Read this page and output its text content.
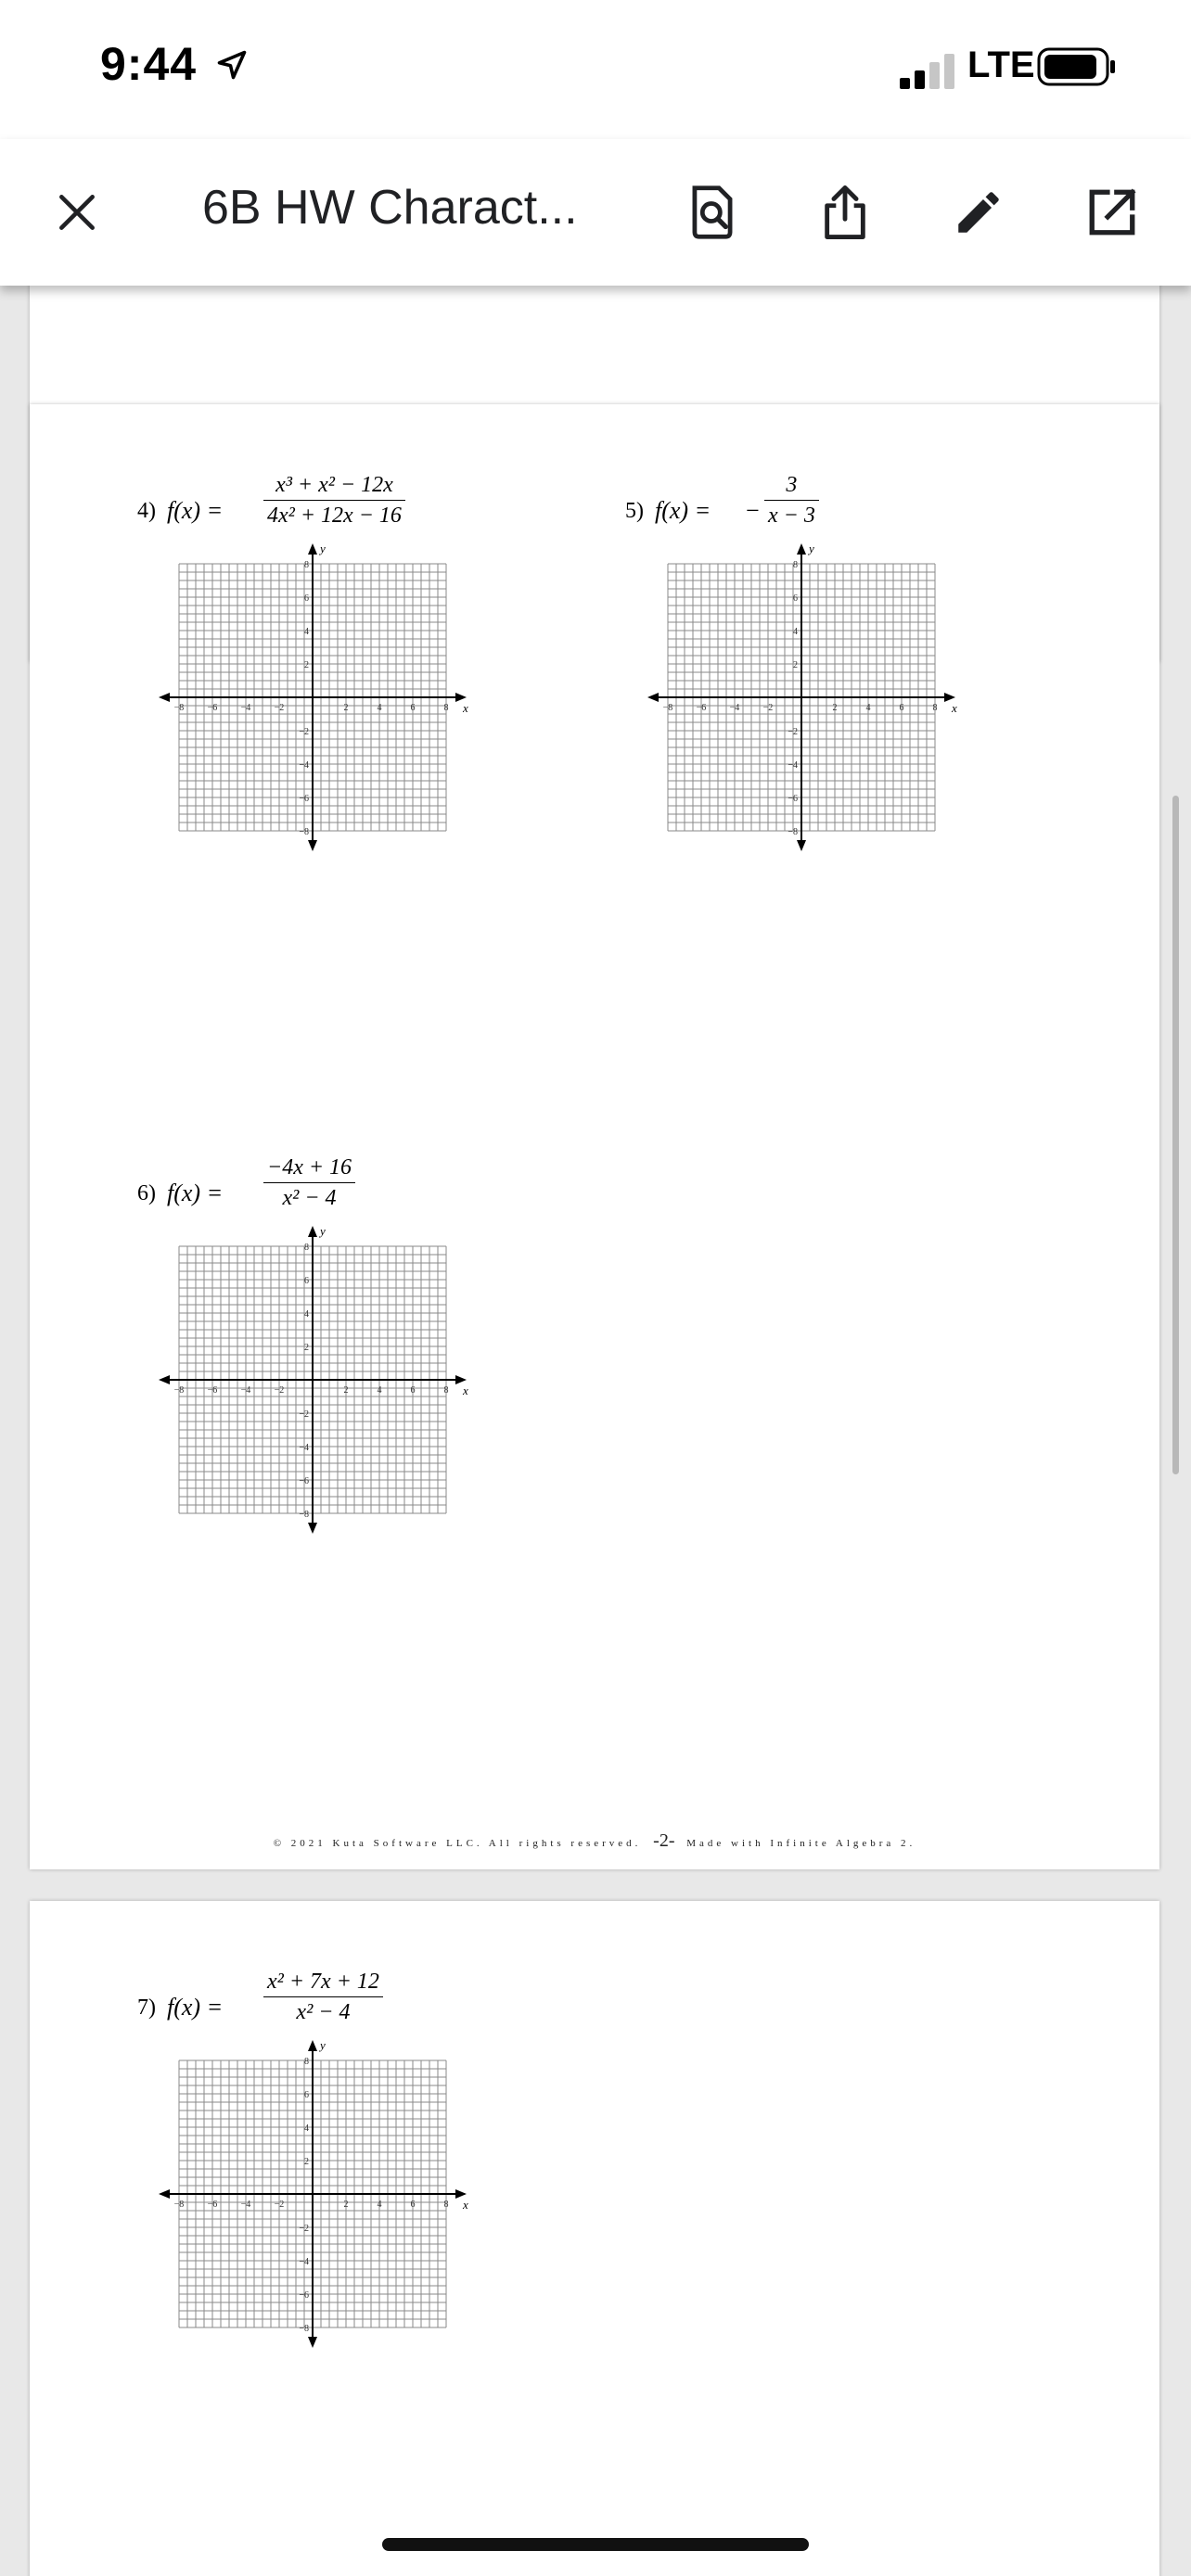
9:44	LTE
6B HW Charact...
4) f(x) =
x³ + x² − 12x
4x² + 12x − 16
−8	−6	−4	−2	2	4	6	8
8
6
4
2
−2
−4
−6
−8
x
y
5) f(x) = −
3
x − 3
−8	−6	−4	−2	2	4	6	8
8
6
4
2
−2
−4
−6
−8
x
y
6) f(x) =
−4x + 16
x² − 4
−8	−6	−4	−2	2	4	6	8
8
6
4
2
−2
−4
−6
−8
x
y
© 2021 Kuta Software LLC. All rights reserved. -2- Made with Infinite Algebra 2.
7) f(x) =
x² + 7x + 12
x² − 4
−8	−6	−4	−2	2	4	6	8
8
6
4
2
−2
−4
−6
−8
x
y
